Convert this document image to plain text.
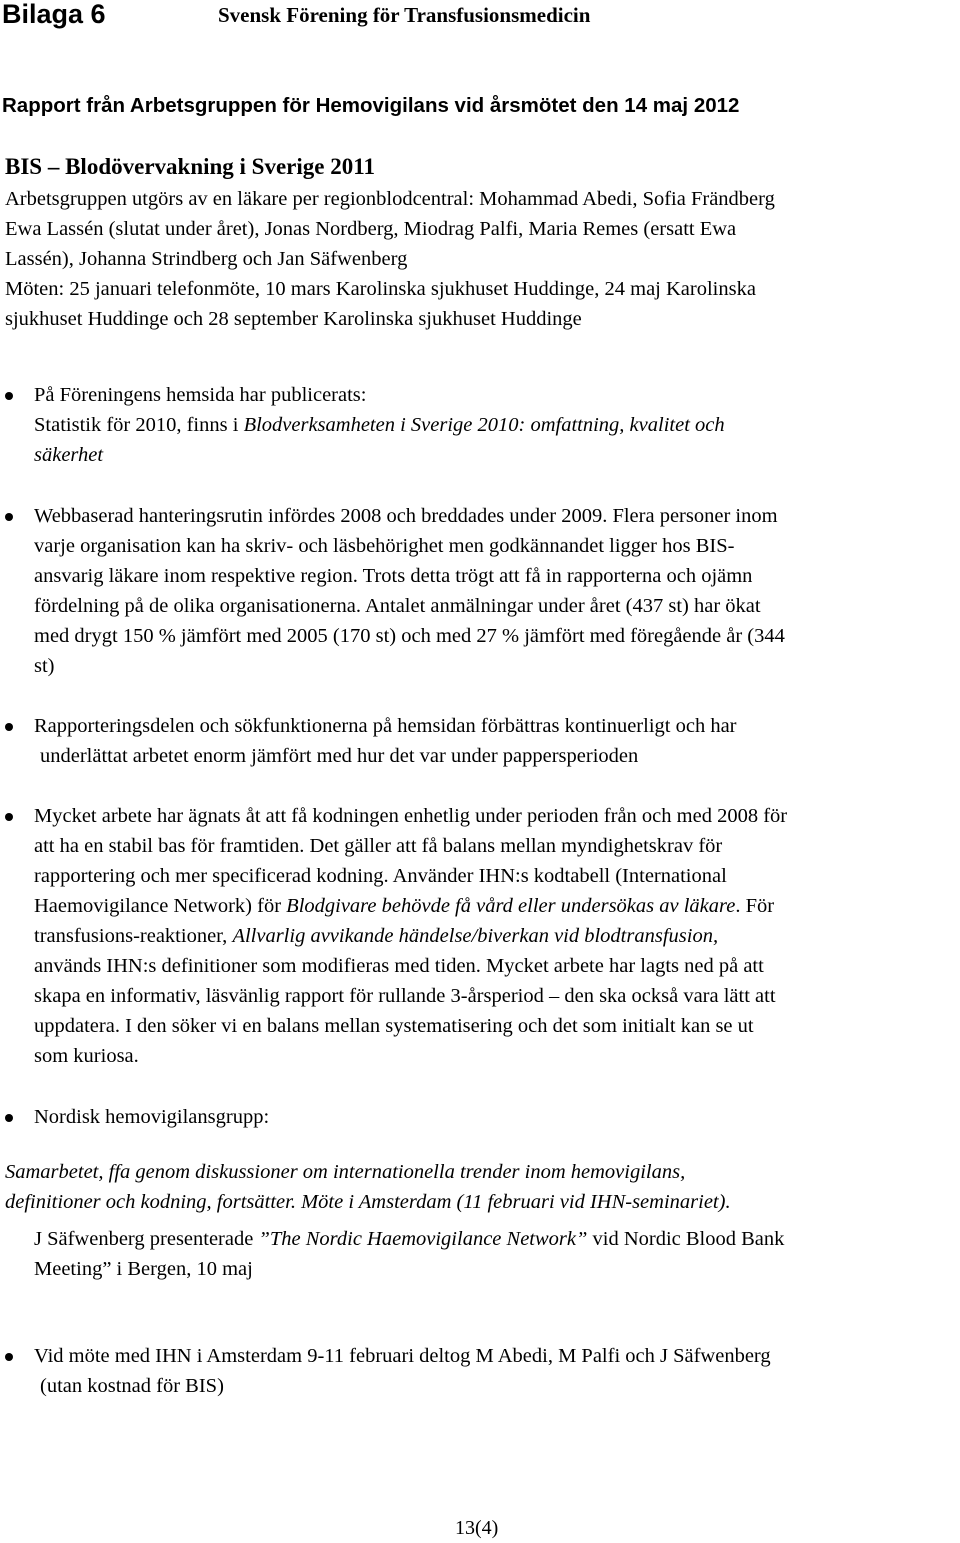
Bilaga 6	Svensk Förening för Transfusionsmedicin
Rapport från Arbetsgruppen för Hemovigilans vid årsmötet den 14 maj 2012
BIS – Blodövervakning i Sverige 2011

Arbetsgruppen utgörs av en läkare per regionblodcentral: Mohammad Abedi, Sofia Frändberg

Ewa Lassén (slutat under året), Jonas Nordberg, Miodrag Palfi, Maria Remes (ersatt Ewa

Lassén), Johanna Strindberg och Jan Säfwenberg

Möten: 25 januari telefonmöte, 10 mars Karolinska sjukhuset Huddinge, 24 maj Karolinska

sjukhuset Huddinge och 28 september Karolinska sjukhuset Huddinge

På Föreningens hemsida har publicerats:

Statistik för 2010, finns i Blodverksamheten i Sverige 2010: omfattning, kvalitet och

säkerhet

Webbaserad hanteringsrutin infördes 2008 och breddades under 2009. Flera personer inom

varje organisation kan ha skriv- och läsbehörighet men godkännandet ligger hos BIS-

ansvarig läkare inom respektive region. Trots detta trögt att få in rapporterna och ojämn

fördelning på de olika organisationerna. Antalet anmälningar under året (437 st) har ökat

med drygt 150 % jämfört med 2005 (170 st) och med 27 % jämfört med föregående år (344

st)

Rapporteringsdelen och sökfunktionerna på hemsidan förbättras kontinuerligt och har

underlättat arbetet enorm jämfört med hur det var under pappersperioden

Mycket arbete har ägnats åt att få kodningen enhetlig under perioden från och med 2008 för

att ha en stabil bas för framtiden. Det gäller att få balans mellan myndighetskrav för

rapportering och mer specificerad kodning. Använder IHN:s kodtabell (International

Haemovigilance Network) för Blodgivare behövde få vård eller undersökas av läkare. För

transfusions-reaktioner, Allvarlig avvikande händelse/biverkan vid blodtransfusion,

används IHN:s definitioner som modifieras med tiden. Mycket arbete har lagts ned på att

skapa en informativ, läsvänlig rapport för rullande 3-årsperiod – den ska också vara lätt att

uppdatera. I den söker vi en balans mellan systematisering och det som initialt kan se ut

som kuriosa.

Nordisk hemovigilansgrupp:

Samarbetet, ffa genom diskussioner om internationella trender inom hemovigilans,

definitioner och kodning, fortsätter. Möte i Amsterdam (11 februari vid IHN-seminariet).

J Säfwenberg presenterade ”The Nordic Haemovigilance Network” vid Nordic Blood Bank

Meeting” i Bergen, 10 maj

Vid möte med IHN i Amsterdam 9-11 februari deltog M Abedi, M Palfi och J Säfwenberg

(utan kostnad för BIS)

13(4)
